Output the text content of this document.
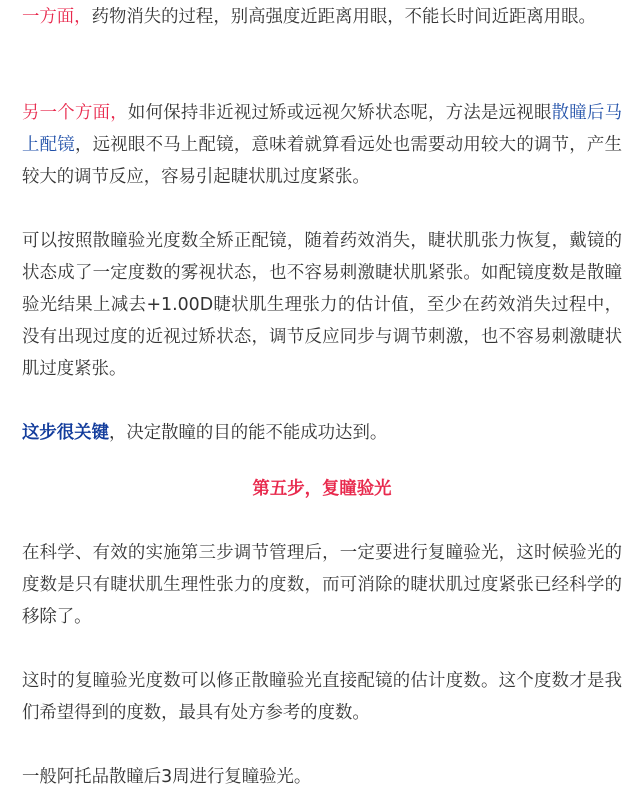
一方面，药物消失的过程，别高强度近距离用眼，不能长时间近距离用眼。

另一个方面，如何保持非近视过矫或远视欠矫状态呢，方法是远视眼散瞳后马上配镜，远视眼不马上配镜，意味着就算看远处也需要动用较大的调节，产生较大的调节反应，容易引起睫状肌过度紧张。

可以按照散瞳验光度数全矫正配镜，随着药效消失，睫状肌张力恢复，戴镜的状态成了一定度数的雾视状态，也不容易刺激睫状肌紧张。如配镜度数是散瞳验光结果上减去+1.00D睫状肌生理张力的估计值，至少在药效消失过程中，没有出现过度的近视过矫状态，调节反应同步与调节刺激，也不容易刺激睫状肌过度紧张。

这步很关键，决定散瞳的目的能不能成功达到。

第五步，复瞳验光

在科学、有效的实施第三步调节管理后，一定要进行复瞳验光，这时候验光的度数是只有睫状肌生理性张力的度数，而可消除的睫状肌过度紧张已经科学的移除了。

这时的复瞳验光度数可以修正散瞳验光直接配镜的估计度数。这个度数才是我们希望得到的度数，最具有处方参考的度数。

一般阿托品散瞳后3周进行复瞳验光。
